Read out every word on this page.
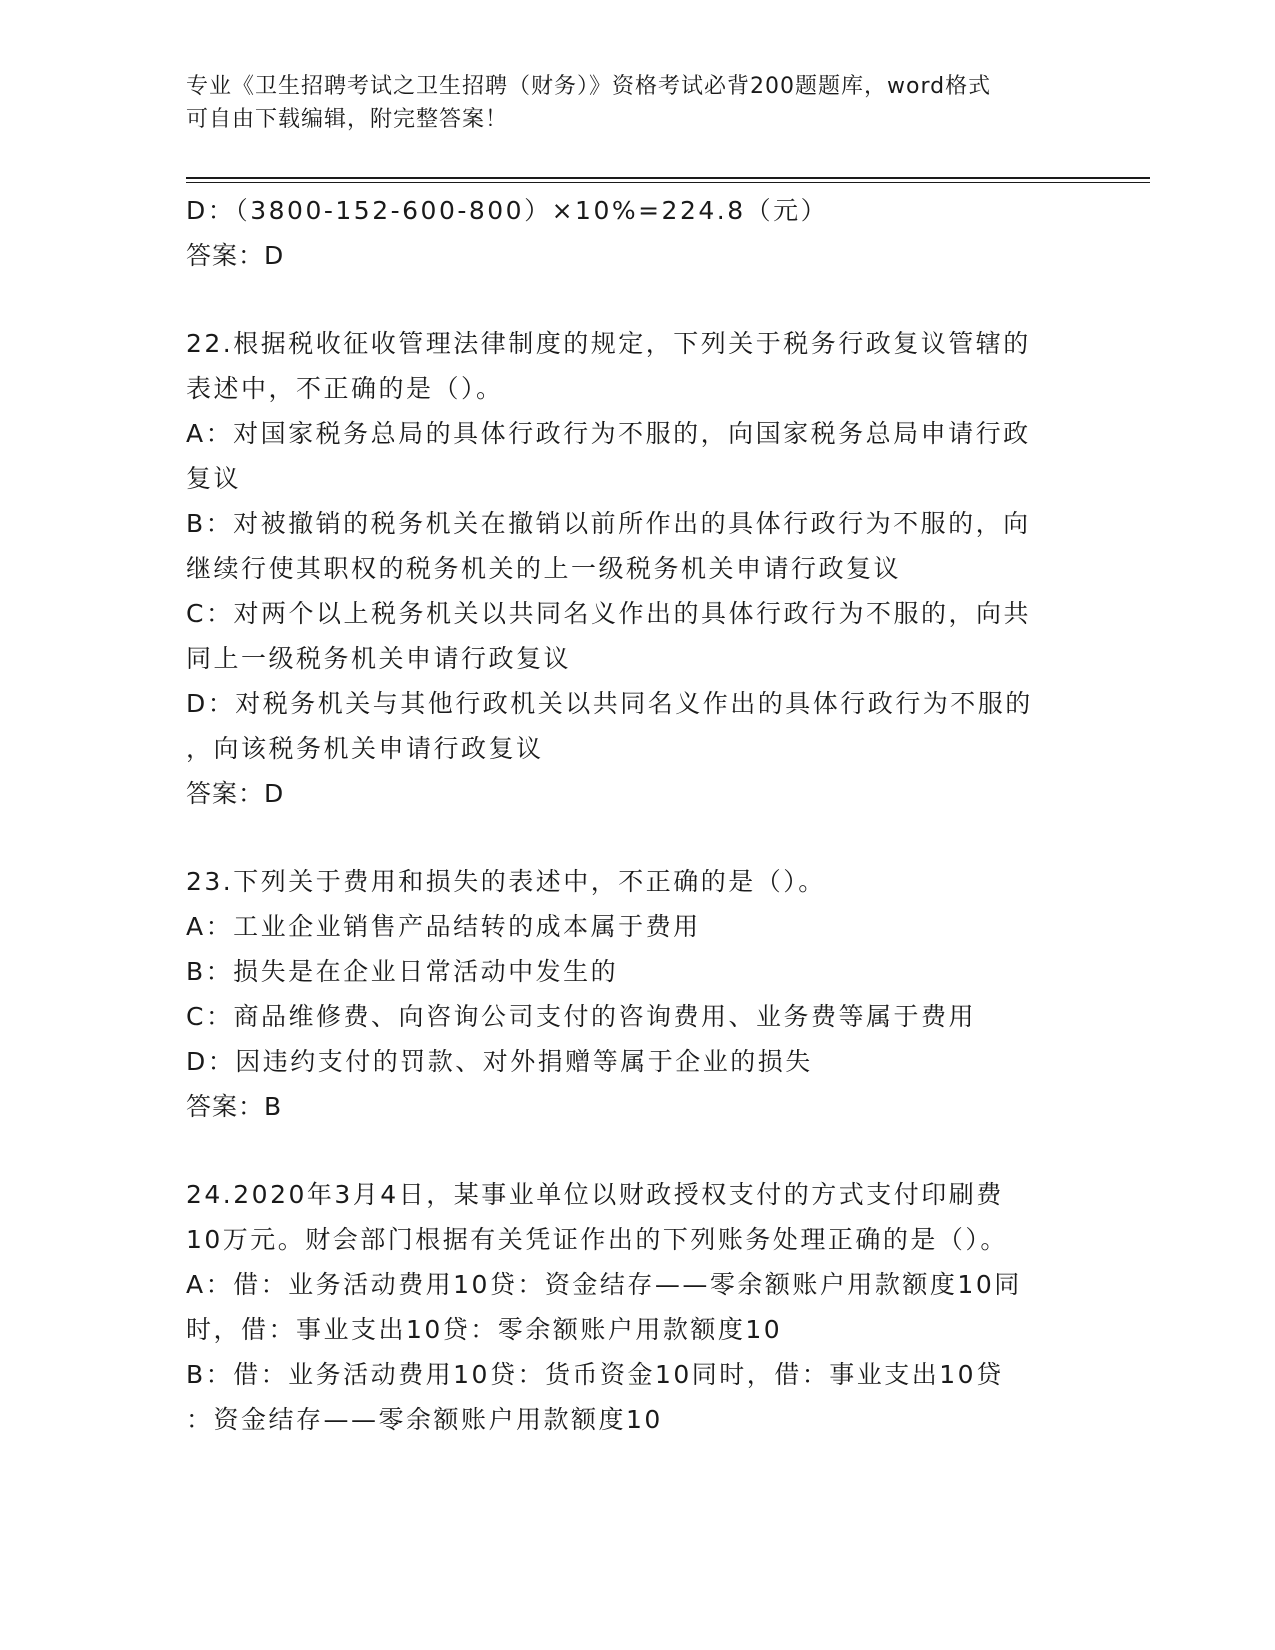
专业《卫生招聘考试之卫生招聘（财务）》资格考试必背200题题库，word格式
可自由下载编辑，附完整答案！
D：（3800-152-600-800）×10%=224.8（元）
答案：D
22.根据税收征收管理法律制度的规定，下列关于税务行政复议管辖的
表述中，不正确的是（）。
A：对国家税务总局的具体行政行为不服的，向国家税务总局申请行政
复议
B：对被撤销的税务机关在撤销以前所作出的具体行政行为不服的，向
继续行使其职权的税务机关的上一级税务机关申请行政复议
C：对两个以上税务机关以共同名义作出的具体行政行为不服的，向共
同上一级税务机关申请行政复议
D：对税务机关与其他行政机关以共同名义作出的具体行政行为不服的
，向该税务机关申请行政复议
答案：D
23.下列关于费用和损失的表述中，不正确的是（）。
A：工业企业销售产品结转的成本属于费用
B：损失是在企业日常活动中发生的
C：商品维修费、向咨询公司支付的咨询费用、业务费等属于费用
D：因违约支付的罚款、对外捐赠等属于企业的损失
答案：B
24.2020年3月4日，某事业单位以财政授权支付的方式支付印刷费
10万元。财会部门根据有关凭证作出的下列账务处理正确的是（）。
A：借：业务活动费用10贷：资金结存——零余额账户用款额度10同
时，借：事业支出10贷：零余额账户用款额度10
B：借：业务活动费用10贷：货币资金10同时，借：事业支出10贷
：资金结存——零余额账户用款额度10
